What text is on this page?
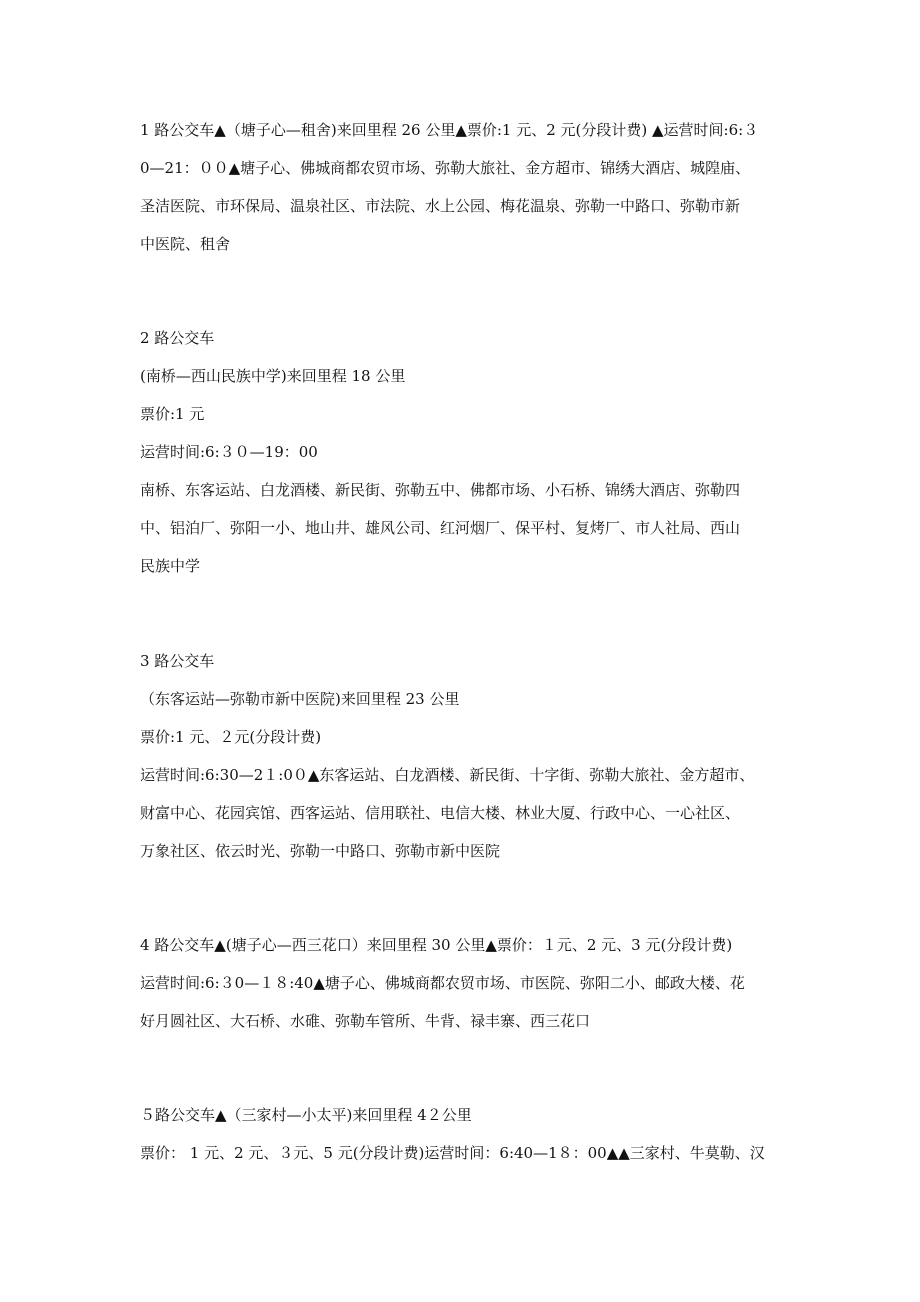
1 路公交车▲（塘子心—租舍)来回里程 26 公里▲票价:1 元、2 元(分段计费) ▲运营时间:6:３
0—21：００▲塘子心、佛城商都农贸市场、弥勒大旅社、金方超市、锦绣大酒店、城隍庙、
圣洁医院、市环保局、温泉社区、市法院、水上公园、梅花温泉、弥勒一中路口、弥勒市新
中医院、租舍
2 路公交车
(南桥—西山民族中学)来回里程 18 公里
票价:1 元
运营时间:6:３０—19：00
南桥、东客运站、白龙酒楼、新民街、弥勒五中、佛都市场、小石桥、锦绣大酒店、弥勒四
中、铝泊厂、弥阳一小、地山井、雄风公司、红河烟厂、保平村、复烤厂、市人社局、西山
民族中学
3 路公交车
（东客运站—弥勒市新中医院)来回里程 23 公里
票价:1 元、２元(分段计费)
运营时间:6:30—2１:0０▲东客运站、白龙酒楼、新民街、十字街、弥勒大旅社、金方超市、
财富中心、花园宾馆、西客运站、信用联社、电信大楼、林业大厦、行政中心、一心社区、
万象社区、依云时光、弥勒一中路口、弥勒市新中医院
4 路公交车▲(塘子心—西三花口）来回里程 30 公里▲票价：１元、2 元、3 元(分段计费)
运营时间:6:３0—１８:40▲塘子心、佛城商都农贸市场、市医院、弥阳二小、邮政大楼、花
好月圆社区、大石桥、水碓、弥勒车管所、牛背、禄丰寨、西三花口
５路公交车▲（三家村—小太平)来回里程 4２公里
票价： 1 元、2 元、３元、5 元(分段计费)运营时间：6:40—1８：00▲▲三家村、牛莫勒、汉
